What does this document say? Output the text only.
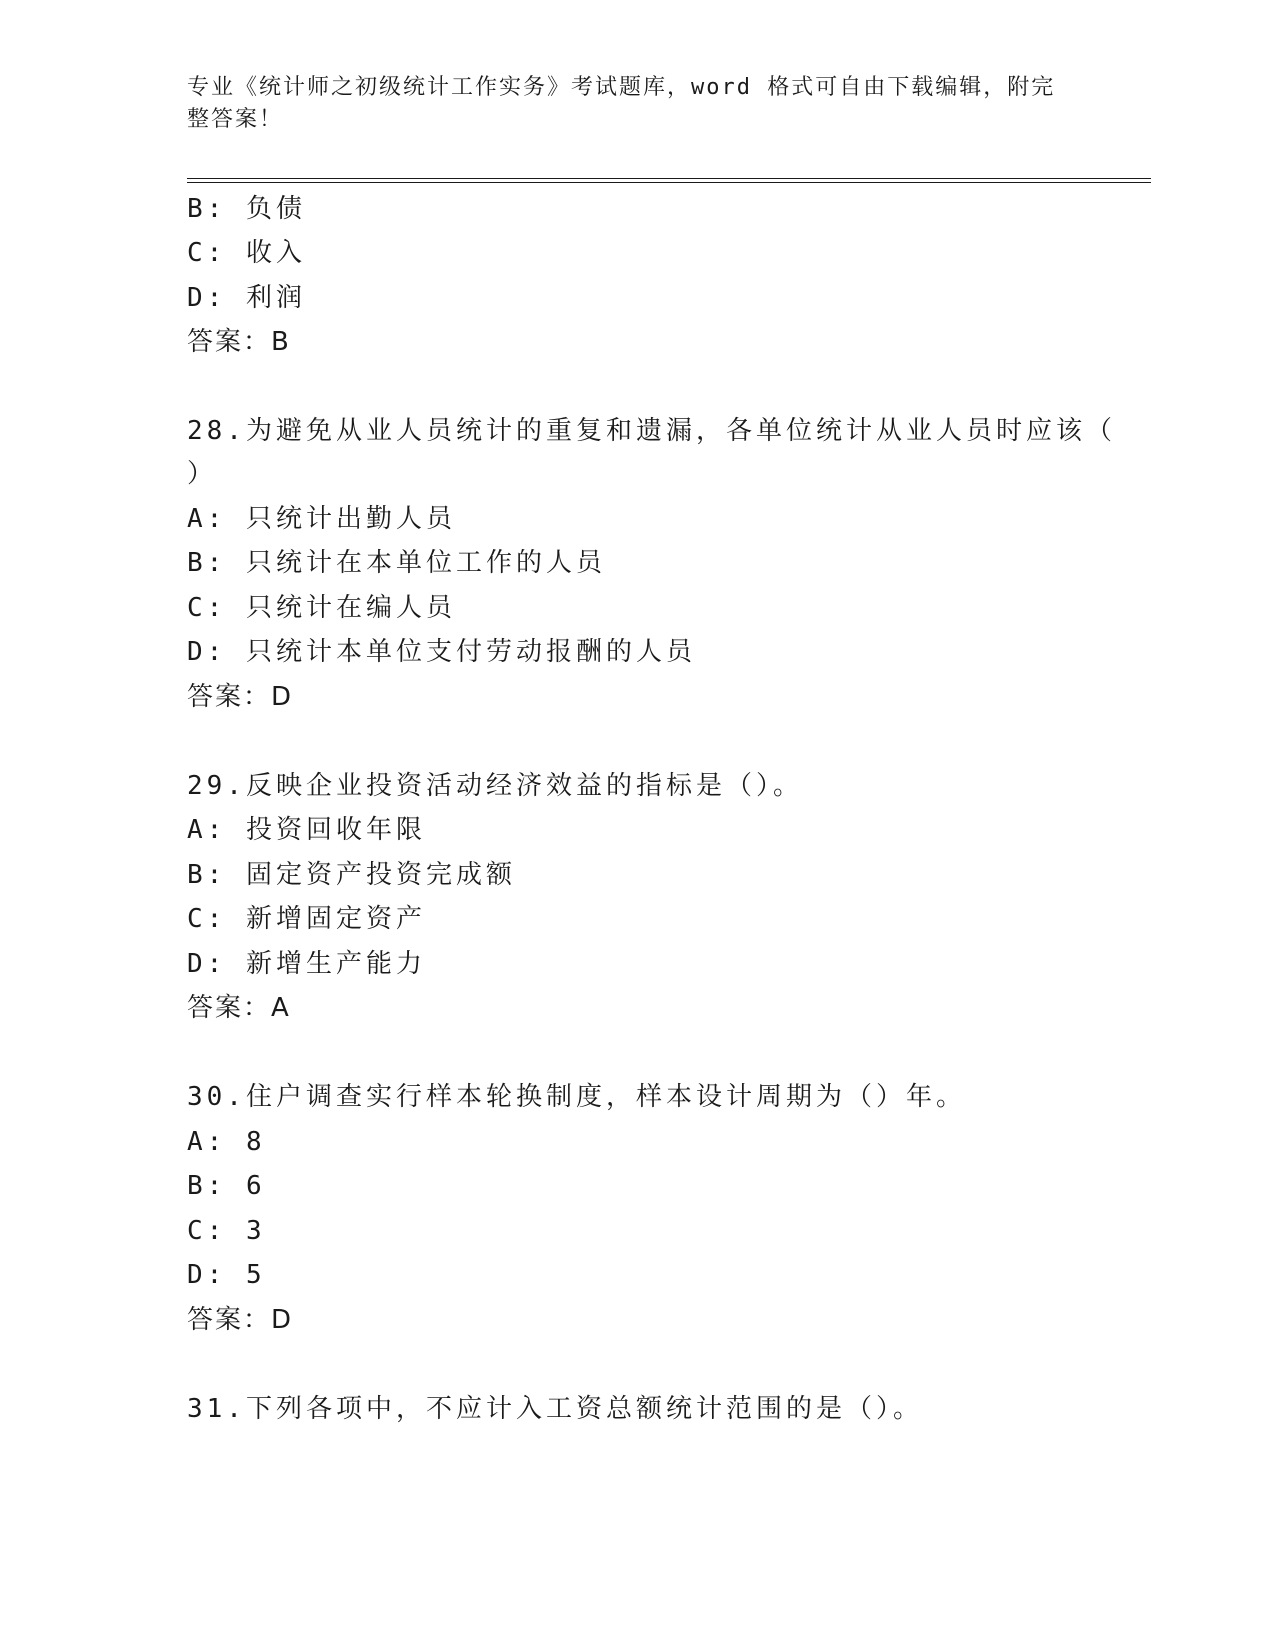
专业《统计师之初级统计工作实务》考试题库，word 格式可自由下载编辑，附完
整答案！
B: 负债
C: 收入
D: 利润
答案：B
28.为避免从业人员统计的重复和遗漏，各单位统计从业人员时应该（
）
A: 只统计出勤人员
B: 只统计在本单位工作的人员
C: 只统计在编人员
D: 只统计本单位支付劳动报酬的人员
答案：D
29.反映企业投资活动经济效益的指标是（）。
A: 投资回收年限
B: 固定资产投资完成额
C: 新增固定资产
D: 新增生产能力
答案：A
30.住户调查实行样本轮换制度，样本设计周期为（）年。
A: 8
B: 6
C: 3
D: 5
答案：D
31.下列各项中，不应计入工资总额统计范围的是（）。
